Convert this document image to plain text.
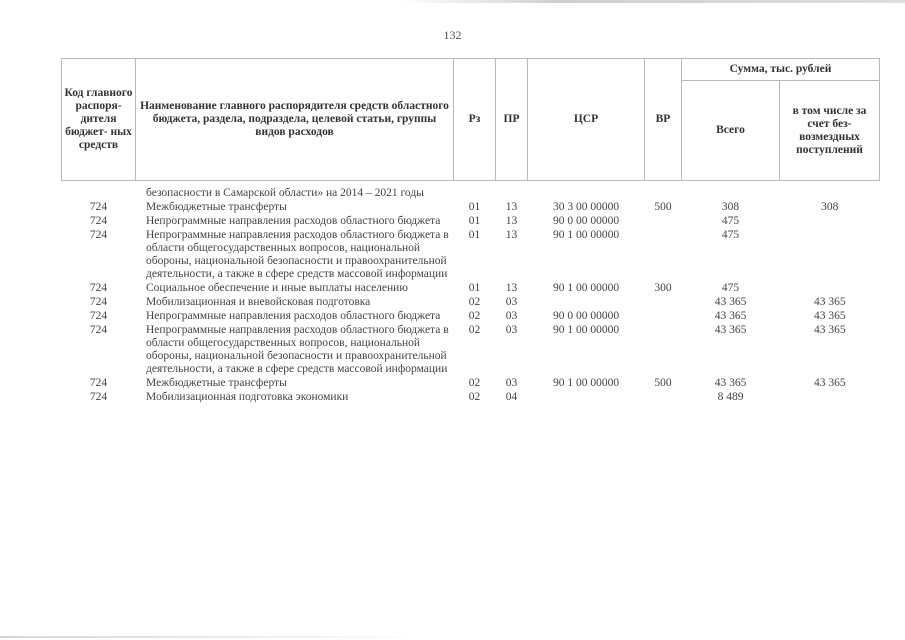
132
Код главного распоря- дителя бюджет- ных средств	Наименование главного распорядителя средств областного бюджета, раздела, подраздела, целевой статьи, группы видов расходов	Рз	ПР	ЦСР	ВР	Сумма, тыс. рублей	
						Всего	в том числе за счет без- возмездных поступлений
	безопасности в Самарской области» на 2014 – 2021 годы						
724	Межбюджетные трансферты	01	13	30 3 00 00000	500	308	308
724	Непрограммные направления расходов областного бюджета	01	13	90 0 00 00000		475	
724	Непрограммные направления расходов областного бюджета в области общегосударственных вопросов, национальной обороны, национальной безопасности и правоохранительной деятельности, а также в сфере средств массовой информации	01	13	90 1 00 00000		475	
724	Социальное обеспечение и иные выплаты населению	01	13	90 1 00 00000	300	475	
724	Мобилизационная и вневойсковая подготовка	02	03			43 365	43 365
724	Непрограммные направления расходов областного бюджета	02	03	90 0 00 00000		43 365	43 365
724	Непрограммные направления расходов областного бюджета в области общегосударственных вопросов, национальной обороны, национальной безопасности и правоохранительной деятельности, а также в сфере средств массовой информации	02	03	90 1 00 00000		43 365	43 365
724	Межбюджетные трансферты	02	03	90 1 00 00000	500	43 365	43 365
724	Мобилизационная подготовка экономики	02	04			8 489	
